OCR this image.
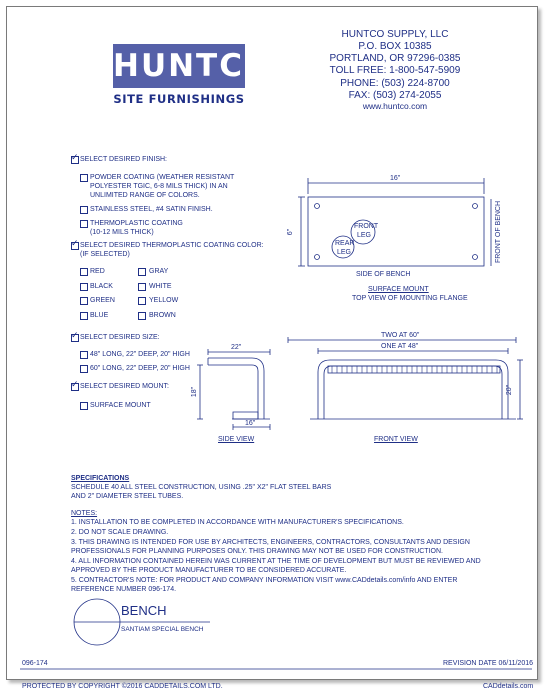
HUNTCO
SITE FURNISHINGS
HUNTCO SUPPLY, LLC
P.O. BOX 10385
PORTLAND, OR 97296-0385
TOLL FREE: 1-800-547-5909
PHONE: (503) 224-8700
FAX: (503) 274-2055
www.huntco.com
✓ SELECT DESIRED FINISH:
POWDER COATING (WEATHER RESISTANT
POLYESTER TGIC, 6-8 MILS THICK) IN AN
UNLIMITED RANGE OF COLORS.
STAINLESS STEEL, #4 SATIN FINISH.
THERMOPLASTIC COATING
(10-12 MILS THICK)
✓ SELECT DESIRED THERMOPLASTIC COATING COLOR:
(IF SELECTED)
RED	GRAY
BLACK	WHITE
GREEN	YELLOW
BLUE	BROWN
✓ SELECT DESIRED SIZE:
48" LONG, 22" DEEP, 20" HIGH
60" LONG, 22" DEEP, 20" HIGH
✓ SELECT DESIRED MOUNT:
SURFACE MOUNT
16"
6"
FRONT
LEG
REAR
LEG	FRONT OF BENCH
SIDE OF BENCH
SURFACE MOUNT
TOP VIEW OF MOUNTING FLANGE
22"
18"
16"
SIDE VIEW
TWO AT 60"
ONE AT 48"
20"
FRONT VIEW
SPECIFICATIONS
SCHEDULE 40 ALL STEEL CONSTRUCTION, USING .25" X2" FLAT STEEL BARS
AND 2" DIAMETER STEEL TUBES.
NOTES:
1. INSTALLATION TO BE COMPLETED IN ACCORDANCE WITH MANUFACTURER'S SPECIFICATIONS.
2. DO NOT SCALE DRAWING.
3. THIS DRAWING IS INTENDED FOR USE BY ARCHITECTS, ENGINEERS, CONTRACTORS, CONSULTANTS AND DESIGN
PROFESSIONALS FOR PLANNING PURPOSES ONLY. THIS DRAWING MAY NOT BE USED FOR CONSTRUCTION.
4. ALL INFORMATION CONTAINED HEREIN WAS CURRENT AT THE TIME OF DEVELOPMENT BUT MUST BE REVIEWED AND
APPROVED BY THE PRODUCT MANUFACTURER TO BE CONSIDERED ACCURATE.
5. CONTRACTOR'S NOTE: FOR PRODUCT AND COMPANY INFORMATION VISIT www.CADdetails.com/info AND ENTER
REFERENCE NUMBER 096-174.
BENCH
SANTIAM SPECIAL BENCH
096-174	REVISION DATE 06/11/2016
PROTECTED BY COPYRIGHT ©2016 CADDETAILS.COM LTD.	CADdetails.com
